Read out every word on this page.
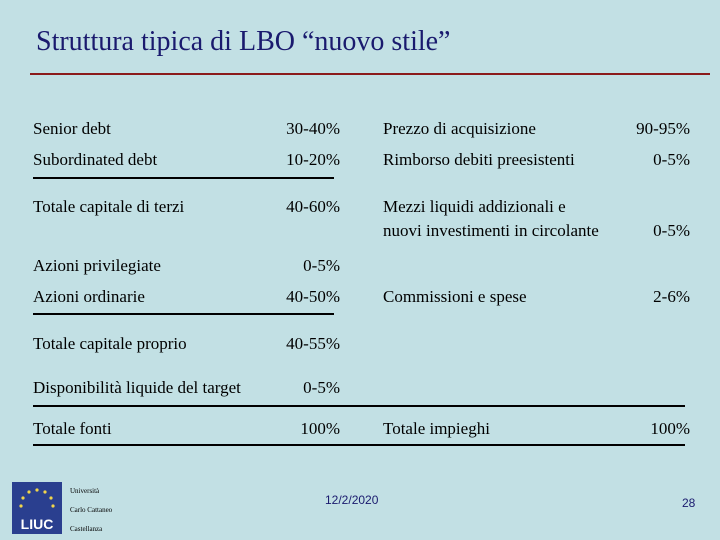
Struttura tipica di LBO “nuovo stile”
Senior debt	30-40%
Subordinated debt	10-20%
Totale capitale di terzi	40-60%
Azioni privilegiate	0-5%
Azioni ordinarie	40-50%
Totale capitale proprio	40-55%
Disponibilità liquide del target	0-5%
Totale fonti	100%
Prezzo di acquisizione	90-95%
Rimborso debiti preesistenti	0-5%
Mezzi liquidi addizionali e
nuovi investimenti in circolante	0-5%
Commissioni e spese	2-6%
Totale impieghi	100%
LIUC
Università
Carlo Cattaneo
Castellanza
12/2/2020	28
